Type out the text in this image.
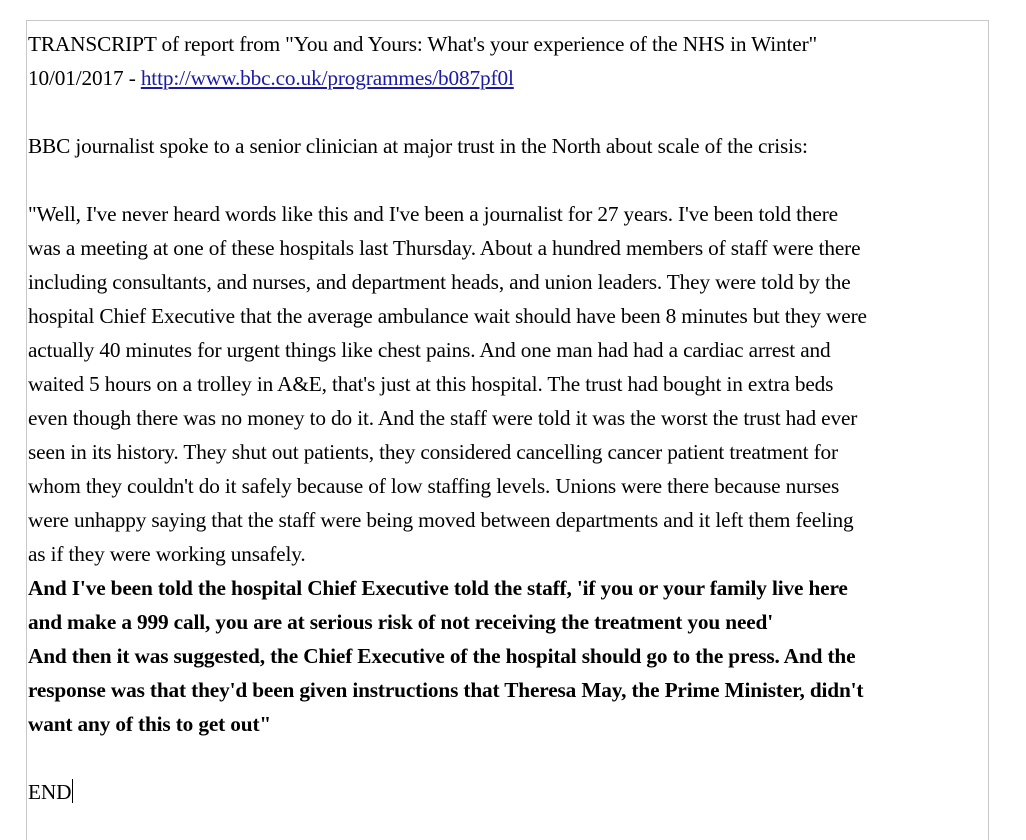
TRANSCRIPT of report from "You and Yours: What's your experience of the NHS in Winter"
10/01/2017 - http://www.bbc.co.uk/programmes/b087pf0l
BBC journalist spoke to a senior clinician at major trust in the North about scale of the crisis:
"Well, I've never heard words like this and I've been a journalist for 27 years. I've been told there
was a meeting at one of these hospitals last Thursday. About a hundred members of staff were there
including consultants, and nurses, and department heads, and union leaders. They were told by the
hospital Chief Executive that the average ambulance wait should have been 8 minutes but they were
actually 40 minutes for urgent things like chest pains. And one man had had a cardiac arrest and
waited 5 hours on a trolley in A&E, that's just at this hospital. The trust had bought in extra beds
even though there was no money to do it. And the staff were told it was the worst the trust had ever
seen in its history. They shut out patients, they considered cancelling cancer patient treatment for
whom they couldn't do it safely because of low staffing levels. Unions were there because nurses
were unhappy saying that the staff were being moved between departments and it left them feeling
as if they were working unsafely.
And I've been told the hospital Chief Executive told the staff, 'if you or your family live here
and make a 999 call, you are at serious risk of not receiving the treatment you need'
And then it was suggested, the Chief Executive of the hospital should go to the press. And the
response was that they'd been given instructions that Theresa May, the Prime Minister, didn't
want any of this to get out"
END
